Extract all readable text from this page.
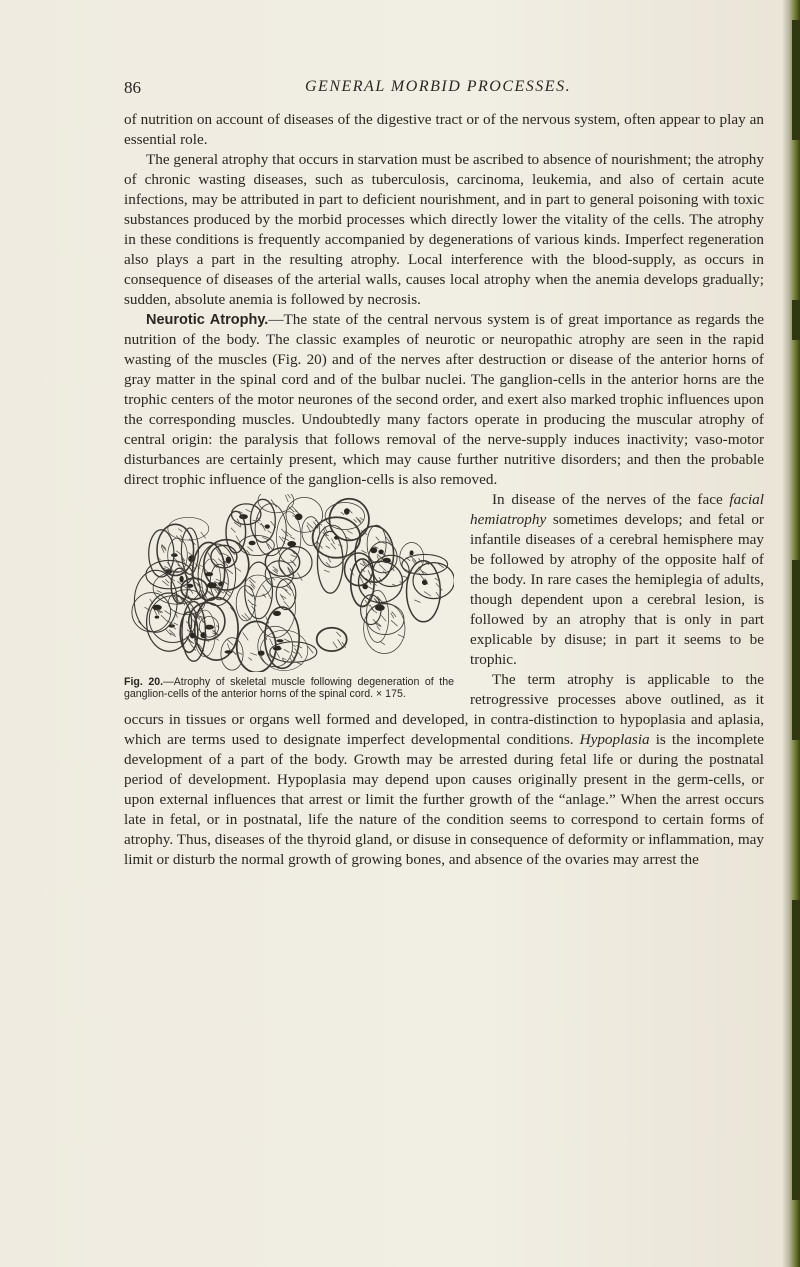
86	GENERAL MORBID PROCESSES.

of nutrition on account of diseases of the digestive tract or of the nervous system, often appear to play an essential role.

The general atrophy that occurs in starvation must be ascribed to absence of nourishment; the atrophy of chronic wasting diseases, such as tuberculosis, carcinoma, leukemia, and also of certain acute infections, may be attributed in part to deficient nourishment, and in part to general poisoning with toxic substances produced by the morbid processes which directly lower the vitality of the cells. The atrophy in these conditions is frequently accompanied by degenerations of various kinds. Imperfect regeneration also plays a part in the resulting atrophy. Local interference with the blood-supply, as occurs in consequence of diseases of the arterial walls, causes local atrophy when the anemia develops gradually; sudden, absolute anemia is followed by necrosis.

Neurotic Atrophy.—The state of the central nervous system is of great importance as regards the nutrition of the body. The classic examples of neurotic or neuropathic atrophy are seen in the rapid wasting of the muscles (Fig. 20) and of the nerves after destruction or disease of the anterior horns of gray matter in the spinal cord and of the bulbar nuclei. The ganglion-cells in the anterior horns are the trophic centers of the motor neurones of the second order, and exert also marked trophic influences upon the corresponding muscles. Undoubtedly many factors operate in producing the muscular atrophy of central origin: the paralysis that follows removal of the nerve-supply induces inactivity; vaso-motor disturbances are certainly present, which may cause further nutritive disorders; and then the probable direct trophic influence of the ganglion-cells is also removed.

Fig. 20.—Atrophy of skeletal muscle following degeneration of the ganglion-cells of the anterior horns of the spinal cord. × 175.

In disease of the nerves of the face facial hemiatrophy sometimes develops; and fetal or infantile diseases of a cerebral hemisphere may be followed by atrophy of the opposite half of the body. In rare cases the hemiplegia of adults, though dependent upon a cerebral lesion, is followed by an atrophy that is only in part explicable by disuse; in part it seems to be trophic.

The term atrophy is applicable to the retrogressive processes above outlined, as it occurs in tissues or organs well formed and developed, in contra-distinction to hypoplasia and aplasia, which are terms used to designate imperfect developmental conditions. Hypoplasia is the incomplete development of a part of the body. Growth may be arrested during fetal life or during the postnatal period of development. Hypoplasia may depend upon causes originally present in the germ-cells, or upon external influences that arrest or limit the further growth of the “anlage.” When the arrest occurs late in fetal, or in postnatal, life the nature of the condition seems to correspond to certain forms of atrophy. Thus, diseases of the thyroid gland, or disuse in consequence of deformity or inflammation, may limit or disturb the normal growth of growing bones, and absence of the ovaries may arrest the
